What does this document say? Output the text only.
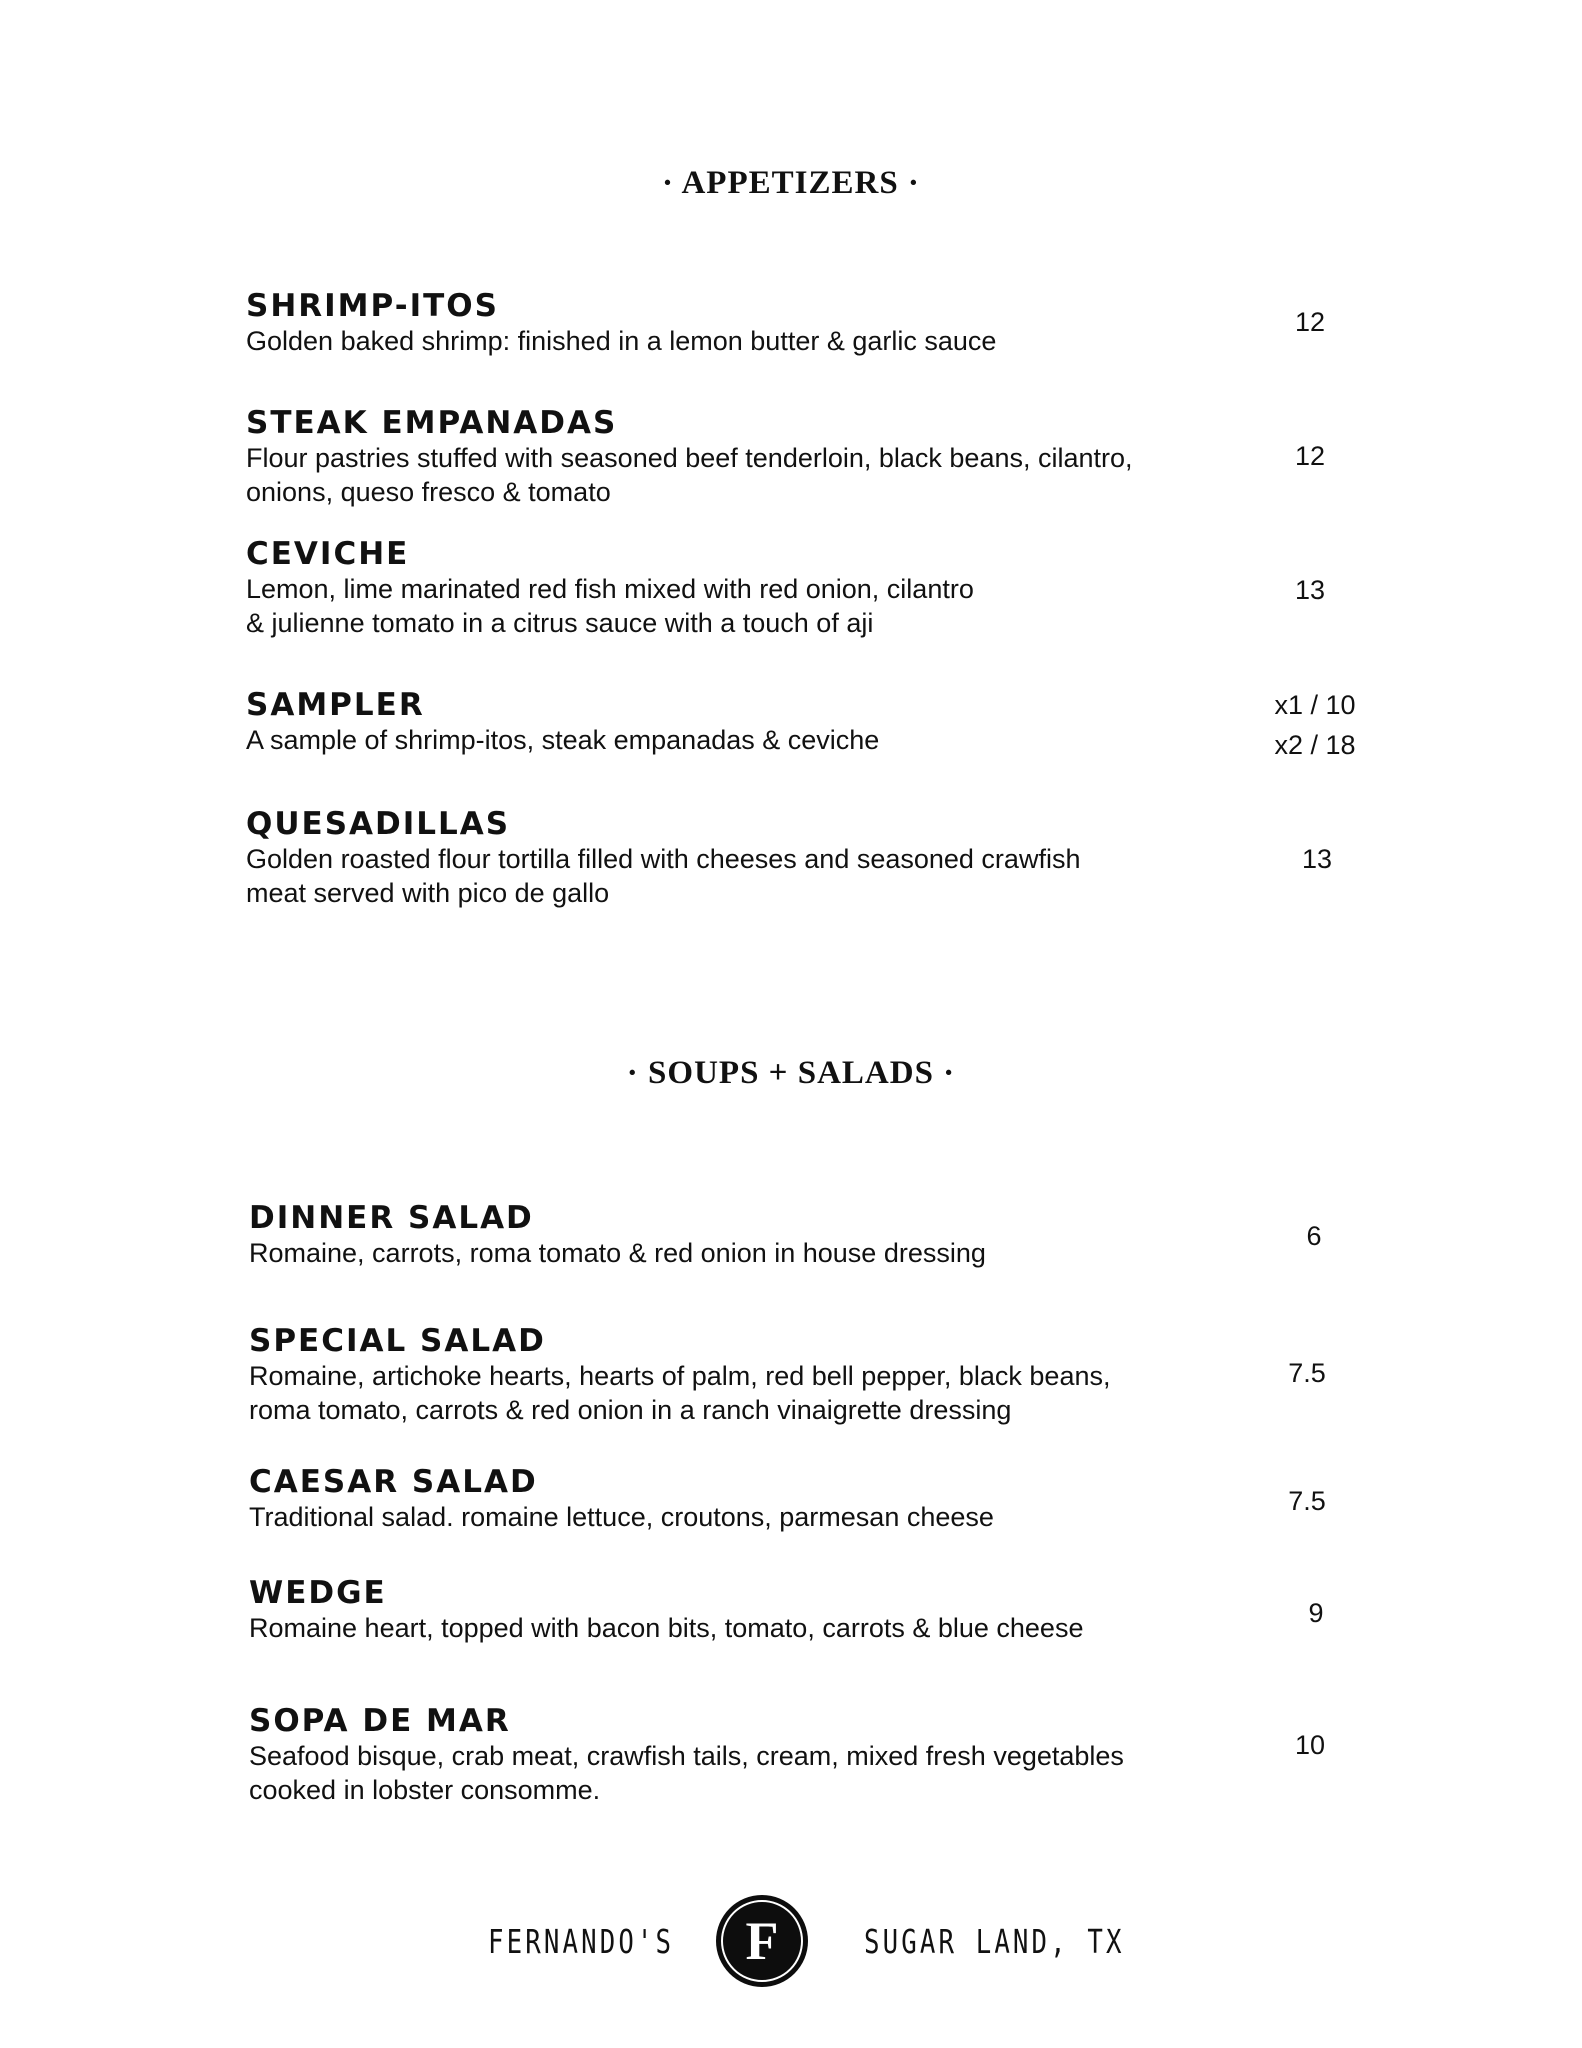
· APPETIZERS ·
SHRIMP-ITOS
Golden baked shrimp: finished in a lemon butter & garlic sauce
12
STEAK EMPANADAS
Flour pastries stuffed with seasoned beef tenderloin, black beans, cilantro,
onions, queso fresco & tomato
12
CEVICHE
Lemon, lime marinated red fish mixed with red onion, cilantro
& julienne tomato in a citrus sauce with a touch of aji
13
SAMPLER
A sample of shrimp-itos, steak empanadas & ceviche
x1 / 10
x2 / 18
QUESADILLAS
Golden roasted flour tortilla filled with cheeses and seasoned crawfish
meat served with pico de gallo
13
· SOUPS + SALADS ·
DINNER SALAD
Romaine, carrots, roma tomato & red onion in house dressing
6
SPECIAL SALAD
Romaine, artichoke hearts, hearts of palm, red bell pepper, black beans,
roma tomato, carrots & red onion in a ranch vinaigrette dressing
7.5
CAESAR SALAD
Traditional salad. romaine lettuce, croutons, parmesan cheese
7.5
WEDGE
Romaine heart, topped with bacon bits, tomato, carrots & blue cheese	9
SOPA DE MAR
Seafood bisque, crab meat, crawfish tails, cream, mixed fresh vegetables
cooked in lobster consomme.
10
FERNANDO'S	F	SUGAR LAND, TX
